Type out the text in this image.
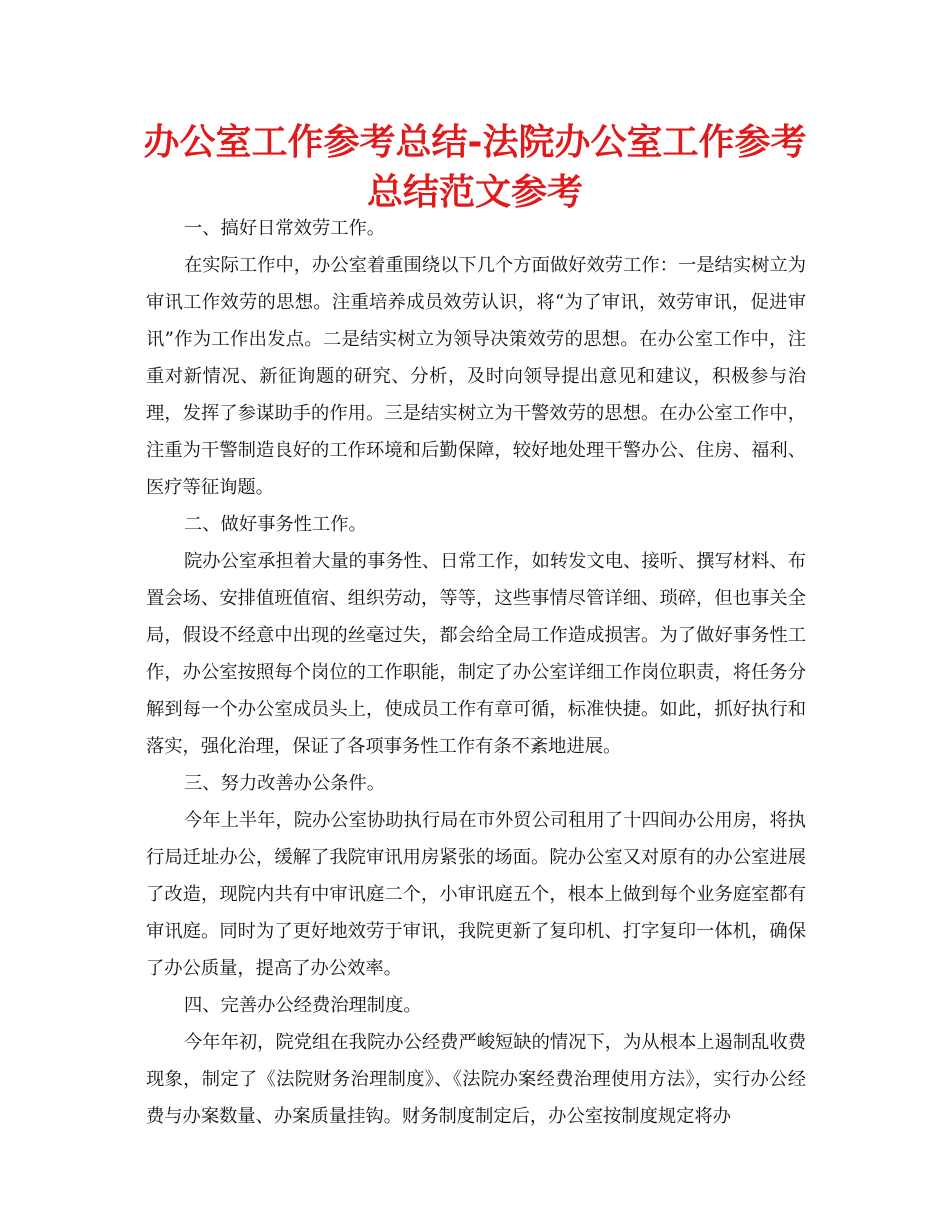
办公室工作参考总结-法院办公室工作参考总结范文参考

一、搞好日常效劳工作。

在实际工作中，办公室着重围绕以下几个方面做好效劳工作：一是结实树立为审讯工作效劳的思想。注重培养成员效劳认识，将“为了审讯，效劳审讯，促进审讯”作为工作出发点。二是结实树立为领导决策效劳的思想。在办公室工作中，注重对新情况、新征询题的研究、分析，及时向领导提出意见和建议，积极参与治理，发挥了参谋助手的作用。三是结实树立为干警效劳的思想。在办公室工作中，注重为干警制造良好的工作环境和后勤保障，较好地处理干警办公、住房、福利、医疗等征询题。

二、做好事务性工作。

院办公室承担着大量的事务性、日常工作，如转发文电、接听、撰写材料、布置会场、安排值班值宿、组织劳动，等等，这些事情尽管详细、琐碎，但也事关全局，假设不经意中出现的丝毫过失，都会给全局工作造成损害。为了做好事务性工作，办公室按照每个岗位的工作职能，制定了办公室详细工作岗位职责，将任务分解到每一个办公室成员头上，使成员工作有章可循，标准快捷。如此，抓好执行和落实，强化治理，保证了各项事务性工作有条不紊地进展。

三、努力改善办公条件。

今年上半年，院办公室协助执行局在市外贸公司租用了十四间办公用房，将执行局迁址办公，缓解了我院审讯用房紧张的场面。院办公室又对原有的办公室进展了改造，现院内共有中审讯庭二个，小审讯庭五个，根本上做到每个业务庭室都有审讯庭。同时为了更好地效劳于审讯，我院更新了复印机、打字复印一体机，确保了办公质量，提高了办公效率。

四、完善办公经费治理制度。

今年年初，院党组在我院办公经费严峻短缺的情况下，为从根本上遏制乱收费现象，制定了《法院财务治理制度》、《法院办案经费治理使用方法》，实行办公经费与办案数量、办案质量挂钩。财务制度制定后，办公室按制度规定将办
